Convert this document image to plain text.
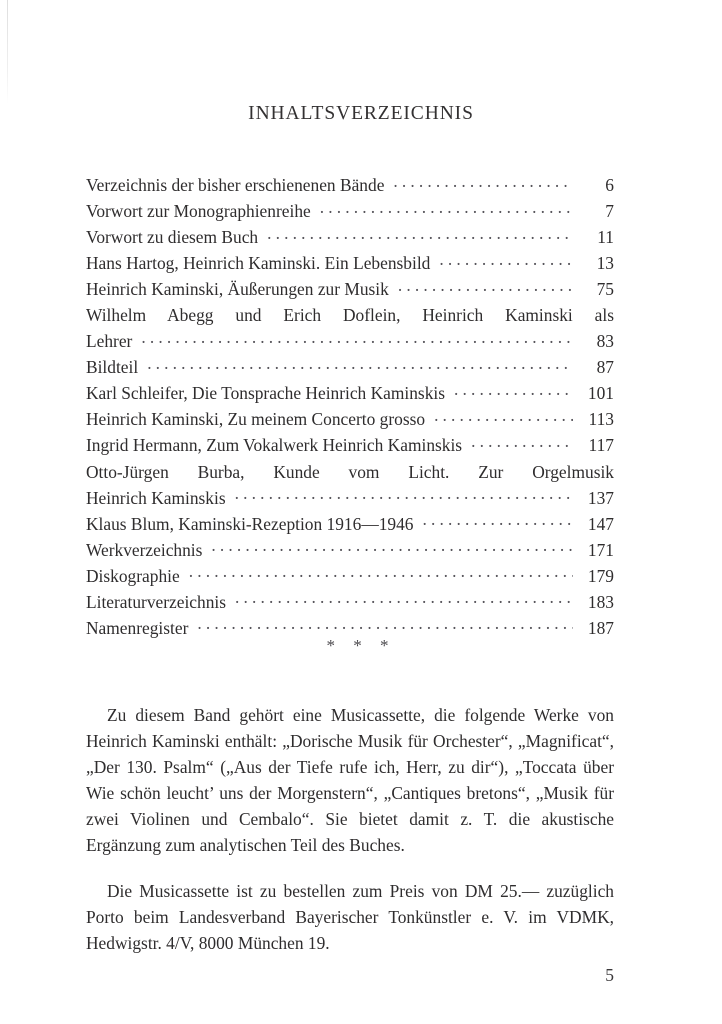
INHALTSVERZEICHNIS
Verzeichnis der bisher erschienenen Bände .....	6
Vorwort zur Monographienreihe .....	7
Vorwort zu diesem Buch .....	11
Hans Hartog, Heinrich Kaminski. Ein Lebensbild .....	13
Heinrich Kaminski, Äußerungen zur Musik .....	75
Wilhelm Abegg und Erich Doflein, Heinrich Kaminski als
Lehrer .....	83
Bildteil .....	87
Karl Schleifer, Die Tonsprache Heinrich Kaminskis .....	101
Heinrich Kaminski, Zu meinem Concerto grosso .....	113
Ingrid Hermann, Zum Vokalwerk Heinrich Kaminskis .....	117
Otto-Jürgen Burba, Kunde vom Licht. Zur Orgelmusik
Heinrich Kaminskis .....	137
Klaus Blum, Kaminski-Rezeption 1916—1946 .....	147
Werkverzeichnis .....	171
Diskographie .....	179
Literaturverzeichnis .....	183
Namenregister .....	187
* * *

Zu diesem Band gehört eine Musicassette, die folgende Werke von Heinrich Kaminski enthält: „Dorische Musik für Orchester“, „Magnificat“, „Der 130. Psalm“ („Aus der Tiefe rufe ich, Herr, zu dir“), „Toccata über Wie schön leucht’ uns der Morgenstern“, „Cantiques bretons“, „Musik für zwei Violinen und Cembalo“. Sie bietet damit z. T. die akustische Ergänzung zum analytischen Teil des Buches.

Die Musicassette ist zu bestellen zum Preis von DM 25.— zuzüglich Porto beim Landesverband Bayerischer Tonkünstler e. V. im VDMK, Hedwigstr. 4/V, 8000 München 19.

5
